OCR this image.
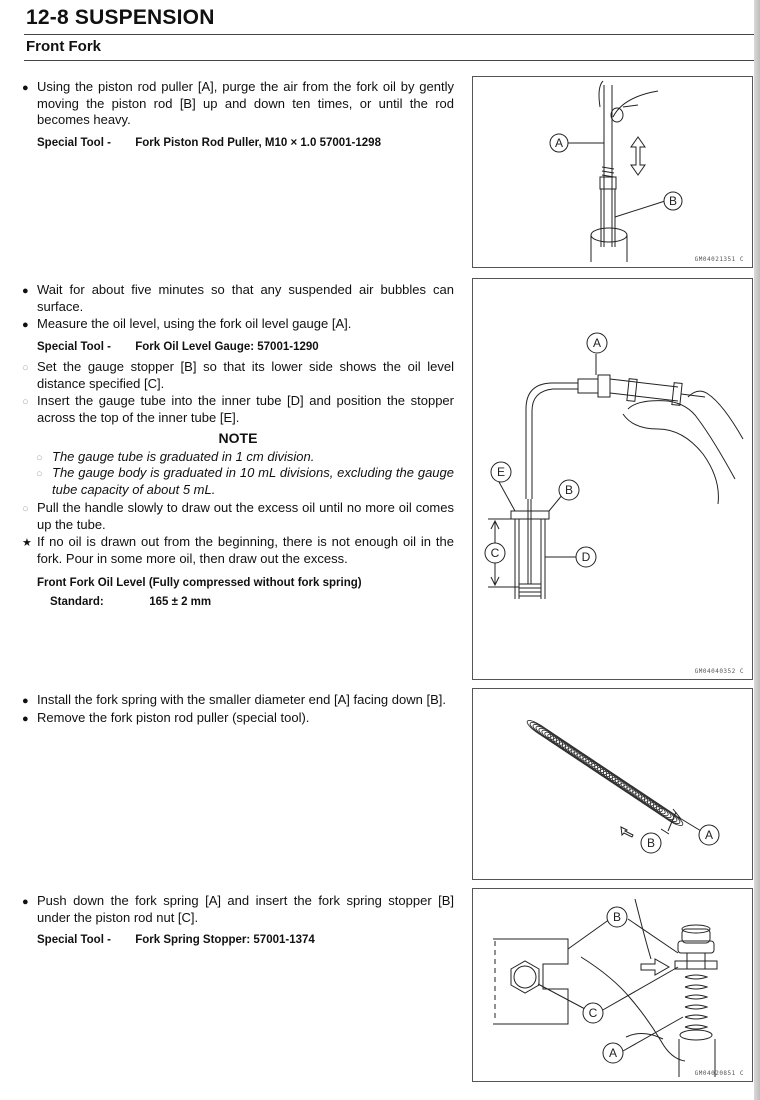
12-8 SUSPENSION
Front Fork
●
Using the piston rod puller [A], purge the air from the fork oil by gently moving the piston rod [B] up and down ten times, or until the rod becomes heavy.
Special Tool - Fork Piston Rod Puller, M10 × 1.0 57001-1298	A
B
GM04021351 C
●
Wait for about five minutes so that any suspended air bubbles can surface.
●
Measure the oil level, using the fork oil level gauge [A].
Special Tool - Fork Oil Level Gauge: 57001-1290
○
Set the gauge stopper [B] so that its lower side shows the oil level distance specified [C].
○
Insert the gauge tube into the inner tube [D] and position the stopper across the top of the inner tube [E].
NOTE
○
The gauge tube is graduated in 1 cm division.
○
The gauge body is graduated in 10 mL divisions, excluding the gauge tube capacity of about 5 mL.
○
Pull the handle slowly to draw out the excess oil until no more oil comes up the tube.
★
If no oil is drawn out from the beginning, there is not enough oil in the fork. Pour in some more oil, then draw out the excess.
Front Fork Oil Level (Fully compressed without fork spring)
Standard:	165 ± 2 mm
A
B
C	D
E
GM04040352 C
●
Install the fork spring with the smaller diameter end [A] facing down [B].
●
Remove the fork piston rod puller (special tool).
A
B
●
Push down the fork spring [A] and insert the fork spring stopper [B] under the piston rod nut [C].
Special Tool - Fork Spring Stopper: 57001-1374
B
C
A
GM04020851 C
